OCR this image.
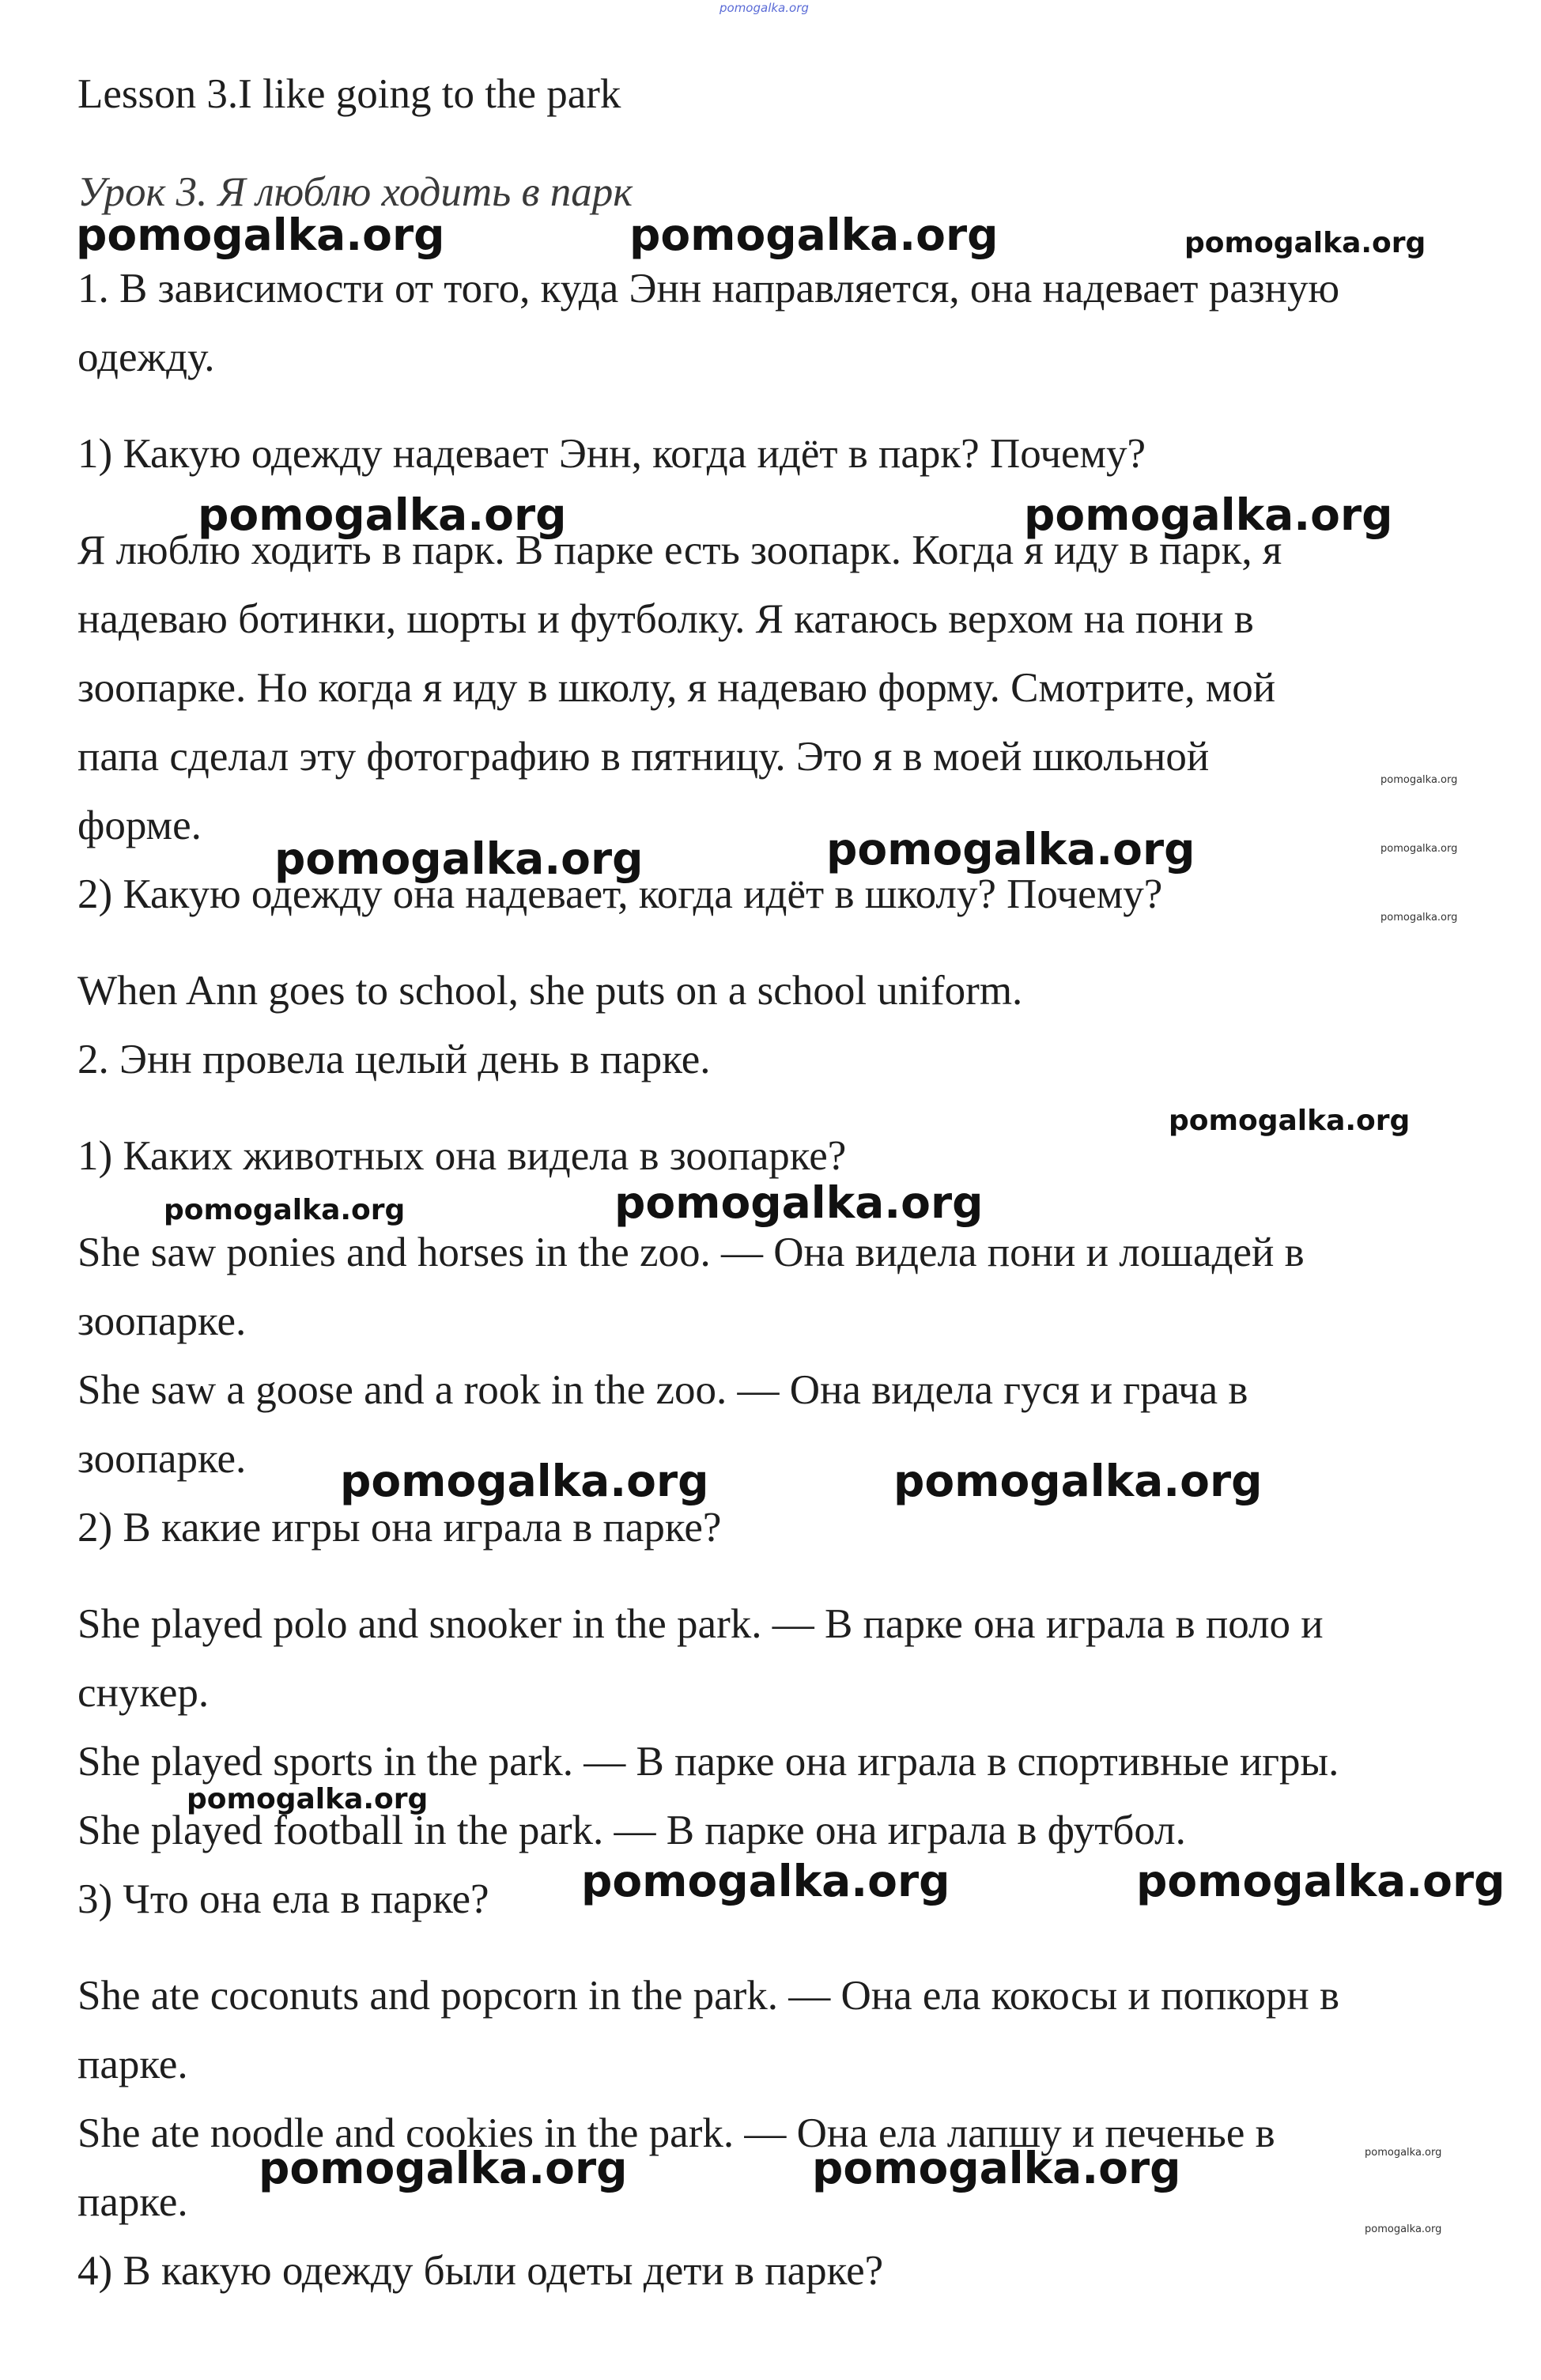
pomogalka.org
Lesson 3.I like going to the park
Урок 3. Я люблю ходить в парк
1. В зависимости от того, куда Энн направляется, она надевает разную
одежду.
1) Какую одежду надевает Энн, когда идёт в парк? Почему?
Я люблю ходить в парк. В парке есть зоопарк. Когда я иду в парк, я
надеваю ботинки, шорты и футболку. Я катаюсь верхом на пони в
зоопарке. Но когда я иду в школу, я надеваю форму. Смотрите, мой
папа сделал эту фотографию в пятницу. Это я в моей школьной
форме.
2) Какую одежду она надевает, когда идёт в школу? Почему?
When Ann goes to school, she puts on a school uniform.
2. Энн провела целый день в парке.
1) Каких животных она видела в зоопарке?
She saw ponies and horses in the zoo. — Она видела пони и лошадей в
зоопарке.
She saw a goose and a rook in the zoo. — Она видела гуся и грача в
зоопарке.
2) В какие игры она играла в парке?
She played polo and snooker in the park. — В парке она играла в поло и
снукер.
She played sports in the park. — В парке она играла в спортивные игры.
She played football in the park. — В парке она играла в футбол.
3) Что она ела в парке?
She ate coconuts and popcorn in the park. — Она ела кокосы и попкорн в
парке.
She ate noodle and cookies in the park. — Она ела лапшу и печенье в
парке.
4) В какую одежду были одеты дети в парке?
pomogalka.org	pomogalka.org
pomogalka.org	pomogalka.org
pomogalka.org	pomogalka.org
pomogalka.org
pomogalka.org	pomogalka.org
pomogalka.org	pomogalka.org
pomogalka.org	pomogalka.org
pomogalka.org
pomogalka.org
pomogalka.org
pomogalka.org
pomogalka.org
pomogalka.org
pomogalka.org
pomogalka.org
pomogalka.org
